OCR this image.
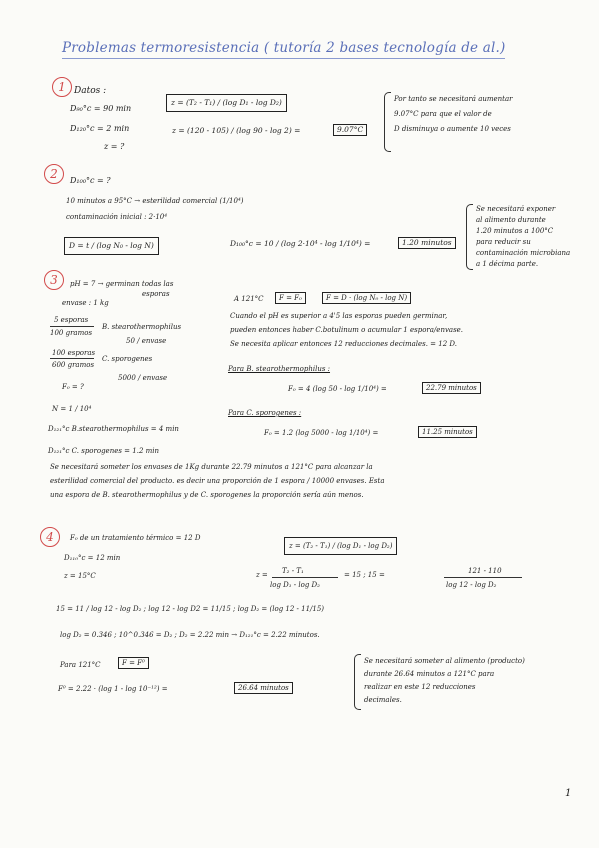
Problemas termoresistencia ( tutoría 2 bases tecnología de al.)
1 Datos :
D₉₀°c = 90 min
D₁₂₀°c = 2 min
z = ?
z = (T₂ - T₁) / (log D₁ - log D₂)
z = (120 - 105) / (log 90 - log 2) =	9.07°C
Por tanto se necesitará aumentar
9.07°C para que el valor de
D disminuya o aumente 10 veces
2	D₁₀₀°c = ?
10 minutos a 95°C → esterilidad comercial (1/10⁴)
contaminación inicial : 2·10⁴
D = t / (log N₀ - log N)	D₁₀₀°c = 10 / (log 2·10⁴ - log 1/10⁴) =	1.20 minutos
Se necesitará exponer
al alimento durante
1.20 minutos a 100°C
para reducir su
contaminación microbiana
a 1 décima parte.
3	pH = 7 → germinan todas las
esporas
envase : 1 kg
5 esporas
100 gramos
B. stearothermophilus
50 / envase
100 esporas
600 gramos
C. sporogenes
5000 / envase
F₀ = ?
N = 1 / 10⁴
D₁₂₁°c B.stearothermophilus = 4 min
D₁₂₁°c C. sporogenes = 1.2 min
A 121°C	F = F₀	F = D · (log N₀ - log N)
Cuando el pH es superior a 4'5 las esporas pueden germinar,
pueden entonces haber C.botulinum o acumular 1 espora/envase.
Se necesita aplicar entonces 12 reducciones decimales. = 12 D.
Para B. stearothermophilus :
F₀ = 4 (log 50 - log 1/10⁴) =	22.79 minutos
Para C. sporogenes :
F₀ = 1.2 (log 5000 - log 1/10⁴) =	11.25 minutos
Se necesitará someter los envases de 1Kg durante 22.79 minutos a 121°C para alcanzar la
esterilidad comercial del producto. es decir una proporción de 1 espora / 10000 envases. Esta
una espora de B. stearothermophilus y de C. sporogenes la proporción sería aún menos.
4	F₀ de un tratamiento térmico = 12 D
z = (T₂ - T₁) / (log D₁ - log D₂)
D₁₁₀°c = 12 min
z = 15°C	z = T₂ - T₁
log D₁ - log D₂
= 15 ; 15 =	121 - 110
log 12 - log D₂
15 = 11 / log 12 - log D₂ ; log 12 - log D2 = 11/15 ; log D₂ = (log 12 - 11/15)
log D₂ = 0.346 ; 10^0.346 = D₂ ; D₂ = 2.22 min → D₁₂₁°c = 2.22 minutos.
Para 121°C	F = F⁰
F⁰ = 2.22 · (log 1 - log 10⁻¹²) =	26.64 minutos
Se necesitará someter al alimento (producto)
durante 26.64 minutos a 121°C para
realizar en este 12 reducciones
decimales.
1
